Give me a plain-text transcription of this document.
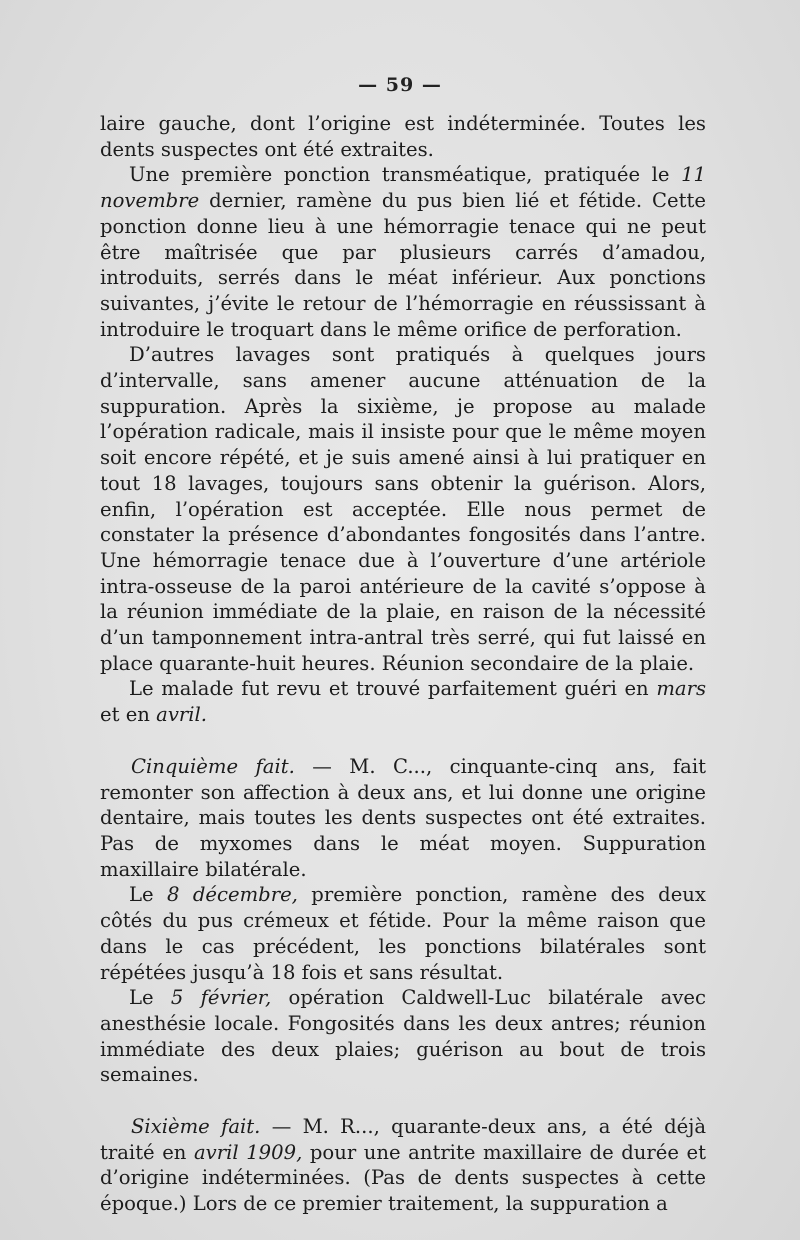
— 59 —

laire gauche, dont l’origine est indéterminée. Toutes les dents suspectes ont été extraites.

Une première ponction transméatique, pratiquée le 11 novembre dernier, ramène du pus bien lié et fétide. Cette ponction donne lieu à une hémorragie tenace qui ne peut être maîtrisée que par plusieurs carrés d’amadou, introduits, serrés dans le méat inférieur. Aux ponctions suivantes, j’évite le retour de l’hémorragie en réussissant à introduire le troquart dans le même orifice de perforation.

D’autres lavages sont pratiqués à quelques jours d’intervalle, sans amener aucune atténuation de la suppuration. Après la sixième, je propose au malade l’opération radicale, mais il insiste pour que le même moyen soit encore répété, et je suis amené ainsi à lui pratiquer en tout 18 lavages, toujours sans obtenir la guérison. Alors, enfin, l’opération est acceptée. Elle nous permet de constater la présence d’abondantes fongosités dans l’antre. Une hémorragie tenace due à l’ouverture d’une artériole intra-osseuse de la paroi antérieure de la cavité s’oppose à la réunion immédiate de la plaie, en raison de la nécessité d’un tamponnement intra-antral très serré, qui fut laissé en place quarante-huit heures. Réunion secondaire de la plaie.

Le malade fut revu et trouvé parfaitement guéri en mars et en avril.

Cinquième fait. — M. C..., cinquante-cinq ans, fait remonter son affection à deux ans, et lui donne une origine dentaire, mais toutes les dents suspectes ont été extraites. Pas de myxomes dans le méat moyen. Suppuration maxillaire bilatérale.

Le 8 décembre, première ponction, ramène des deux côtés du pus crémeux et fétide. Pour la même raison que dans le cas précédent, les ponctions bilatérales sont répétées jusqu’à 18 fois et sans résultat.

Le 5 février, opération Caldwell-Luc bilatérale avec anesthésie locale. Fongosités dans les deux antres; réunion immédiate des deux plaies; guérison au bout de trois semaines.

Sixième fait. — M. R..., quarante-deux ans, a été déjà traité en avril 1909, pour une antrite maxillaire de durée et d’origine indéterminées. (Pas de dents suspectes à cette époque.) Lors de ce premier traitement, la suppuration a
